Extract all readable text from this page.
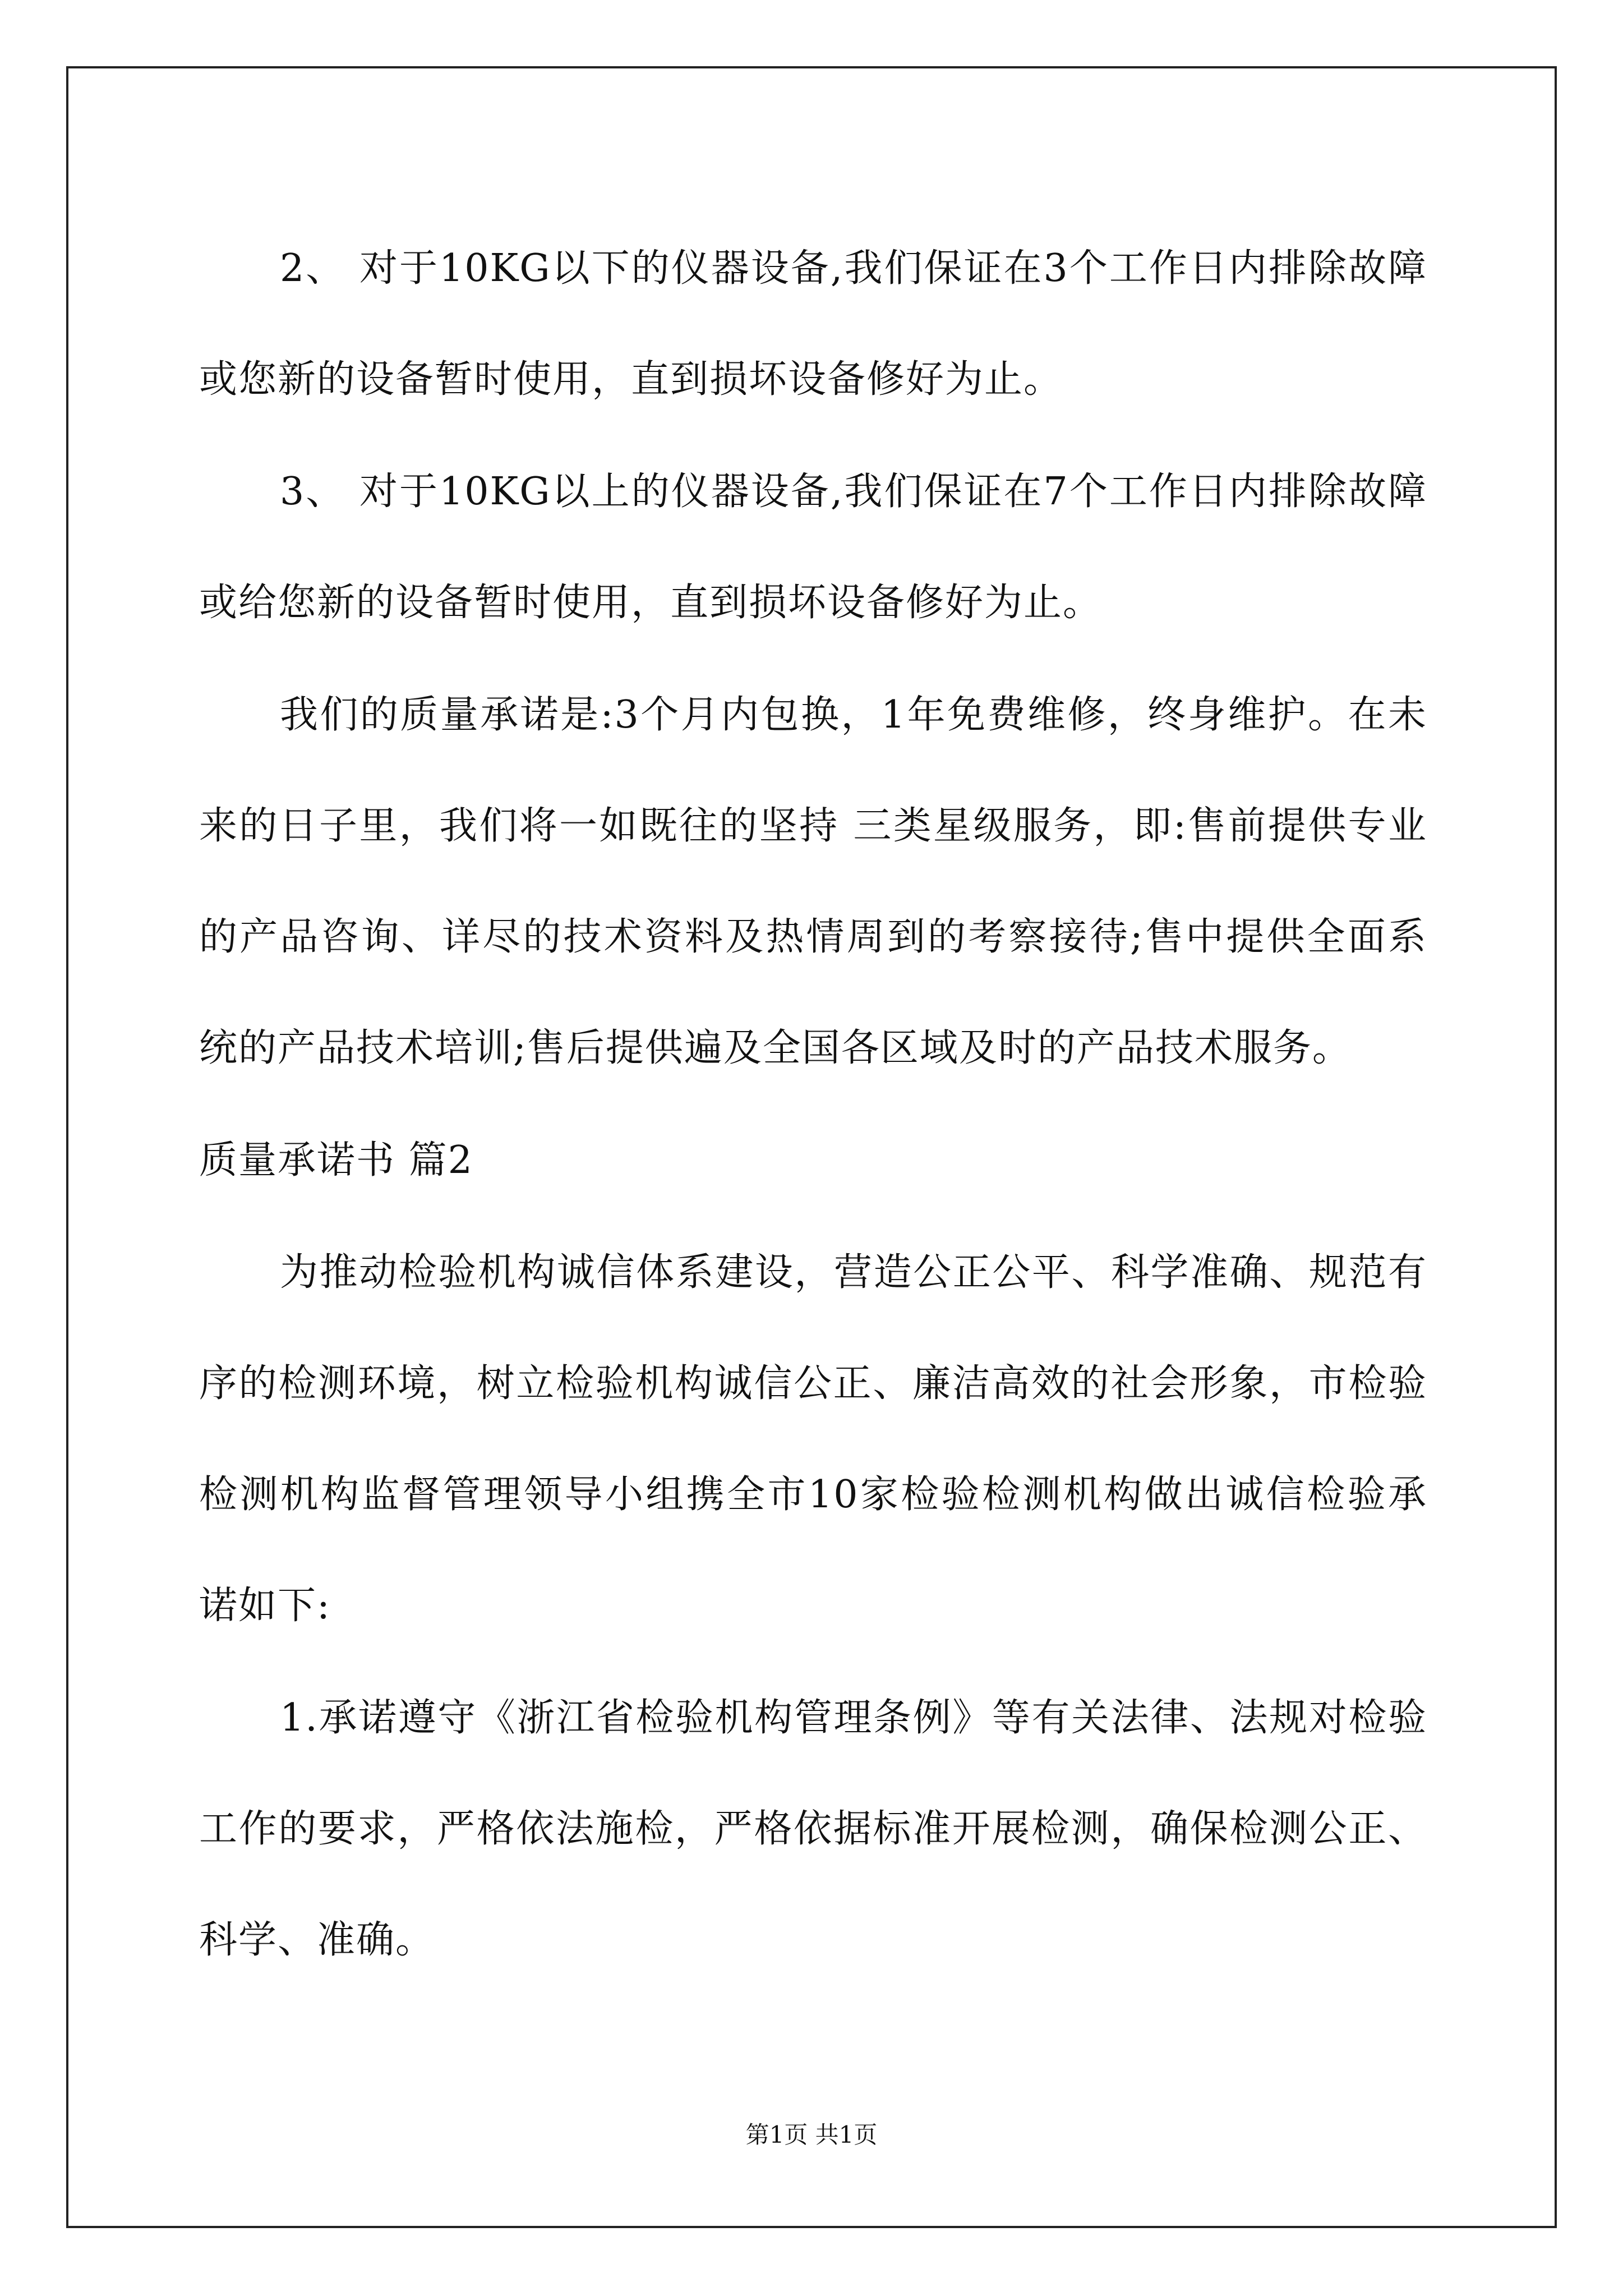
2、 对于10KG以下的仪器设备,我们保证在3个工作日内排除故障或您新的设备暂时使用，直到损坏设备修好为止。

3、 对于10KG以上的仪器设备,我们保证在7个工作日内排除故障或给您新的设备暂时使用，直到损坏设备修好为止。

我们的质量承诺是:3个月内包换，1年免费维修，终身维护。在未来的日子里，我们将一如既往的坚持 三类星级服务，即:售前提供专业的产品咨询、详尽的技术资料及热情周到的考察接待;售中提供全面系统的产品技术培训;售后提供遍及全国各区域及时的产品技术服务。

质量承诺书 篇2

为推动检验机构诚信体系建设，营造公正公平、科学准确、规范有序的检测环境，树立检验机构诚信公正、廉洁高效的社会形象，市检验检测机构监督管理领导小组携全市10家检验检测机构做出诚信检验承诺如下:

1.承诺遵守《浙江省检验机构管理条例》等有关法律、法规对检验工作的要求，严格依法施检，严格依据标准开展检测，确保检测公正、科学、准确。

第1页 共1页
